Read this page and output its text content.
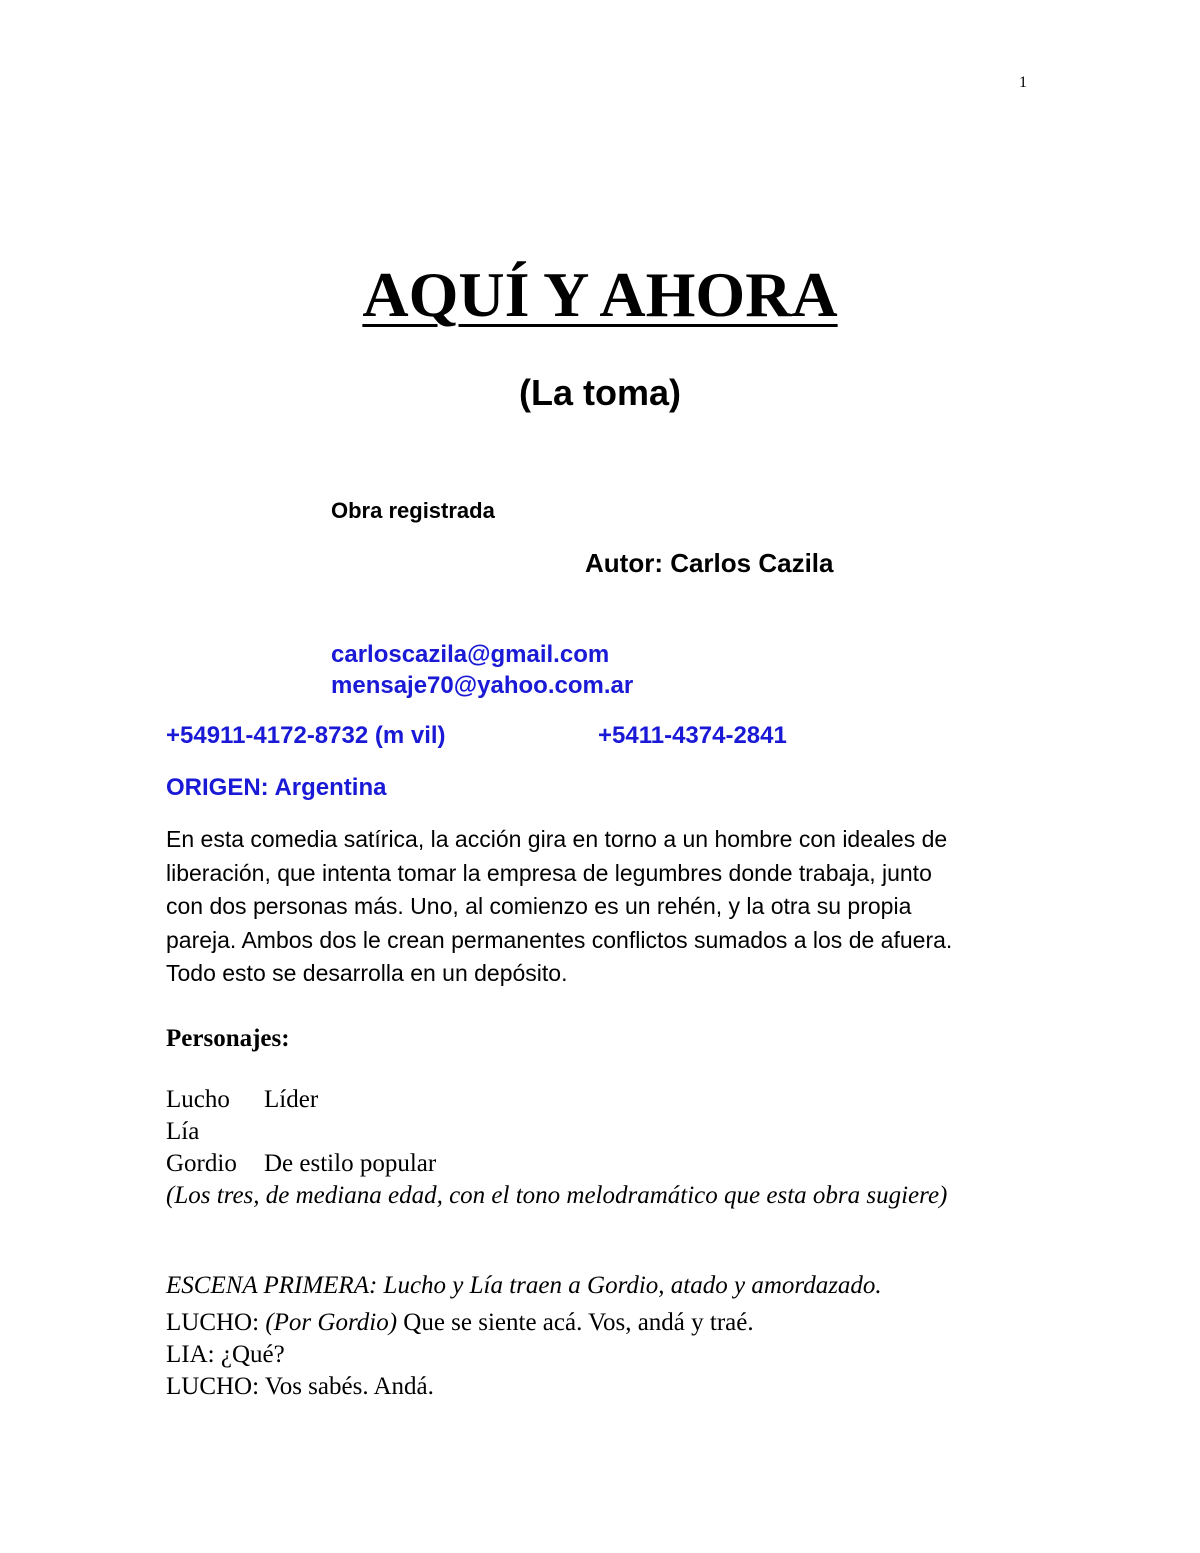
1
AQUÍ Y AHORA
(La toma)
Obra registrada
Autor: Carlos Cazila
carloscazila@gmail.com
mensaje70@yahoo.com.ar
+54911-4172-8732 (m vil)	+5411-4374-2841
ORIGEN: Argentina

En esta comedia satírica, la acción gira en torno a un hombre con ideales de
liberación, que intenta tomar la empresa de legumbres donde trabaja, junto
con dos personas más. Uno, al comienzo es un rehén, y la otra su propia
pareja. Ambos dos le crean permanentes conflictos sumados a los de afuera.
Todo esto se desarrolla en un depósito.

Personajes:
Lucho Líder
Lía
Gordio De estilo popular
(Los tres, de mediana edad, con el tono melodramático que esta obra sugiere)
ESCENA PRIMERA: Lucho y Lía traen a Gordio, atado y amordazado.
LUCHO: (Por Gordio) Que se siente acá. Vos, andá y traé.
LIA: ¿Qué?
LUCHO: Vos sabés. Andá.
